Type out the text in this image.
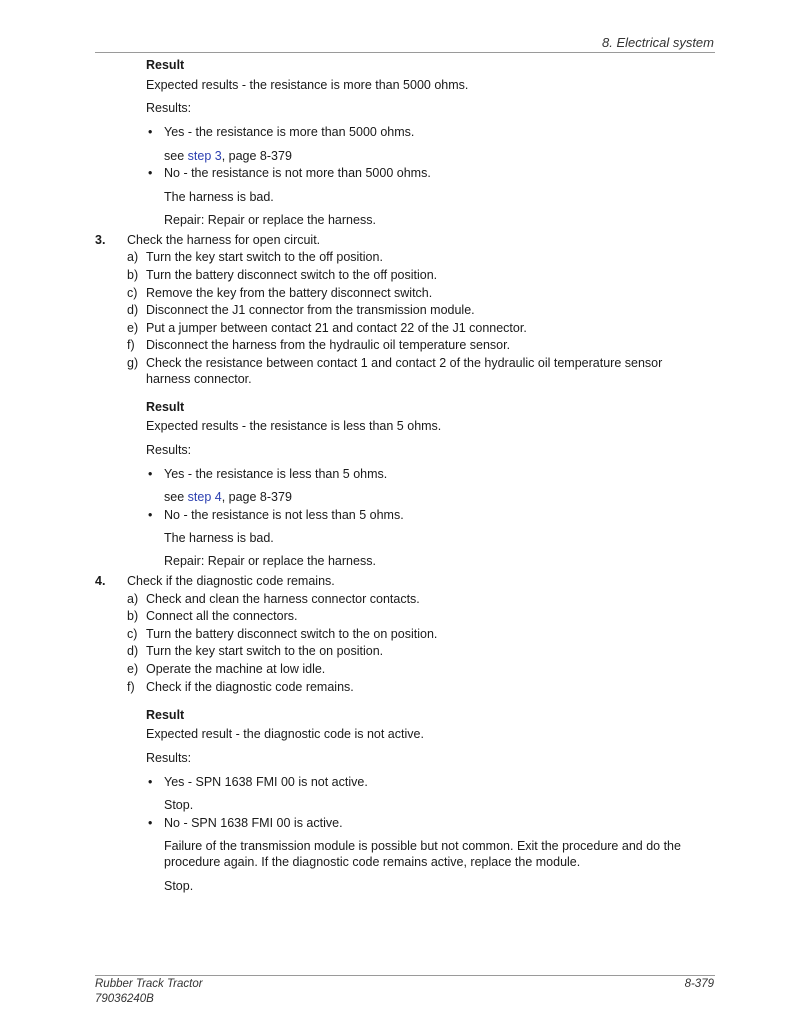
8. Electrical system
Result
Expected results - the resistance is more than 5000 ohms.
Results:
• Yes - the resistance is more than 5000 ohms.
see step 3, page 8-379
• No - the resistance is not more than 5000 ohms.
The harness is bad.
Repair: Repair or replace the harness.
3. Check the harness for open circuit.
a) Turn the key start switch to the off position.
b) Turn the battery disconnect switch to the off position.
c) Remove the key from the battery disconnect switch.
d) Disconnect the J1 connector from the transmission module.
e) Put a jumper between contact 21 and contact 22 of the J1 connector.
f) Disconnect the harness from the hydraulic oil temperature sensor.
g) Check the resistance between contact 1 and contact 2 of the hydraulic oil temperature sensor
harness connector.
Result
Expected results - the resistance is less than 5 ohms.
Results:
• Yes - the resistance is less than 5 ohms.
see step 4, page 8-379
• No - the resistance is not less than 5 ohms.
The harness is bad.
Repair: Repair or replace the harness.
4. Check if the diagnostic code remains.
a) Check and clean the harness connector contacts.
b) Connect all the connectors.
c) Turn the battery disconnect switch to the on position.
d) Turn the key start switch to the on position.
e) Operate the machine at low idle.
f) Check if the diagnostic code remains.
Result
Expected result - the diagnostic code is not active.
Results:
• Yes - SPN 1638 FMI 00 is not active.
Stop.
• No - SPN 1638 FMI 00 is active.
Failure of the transmission module is possible but not common. Exit the procedure and do the
procedure again. If the diagnostic code remains active, replace the module.
Stop.
Rubber Track Tractor
79036240B
8-379
